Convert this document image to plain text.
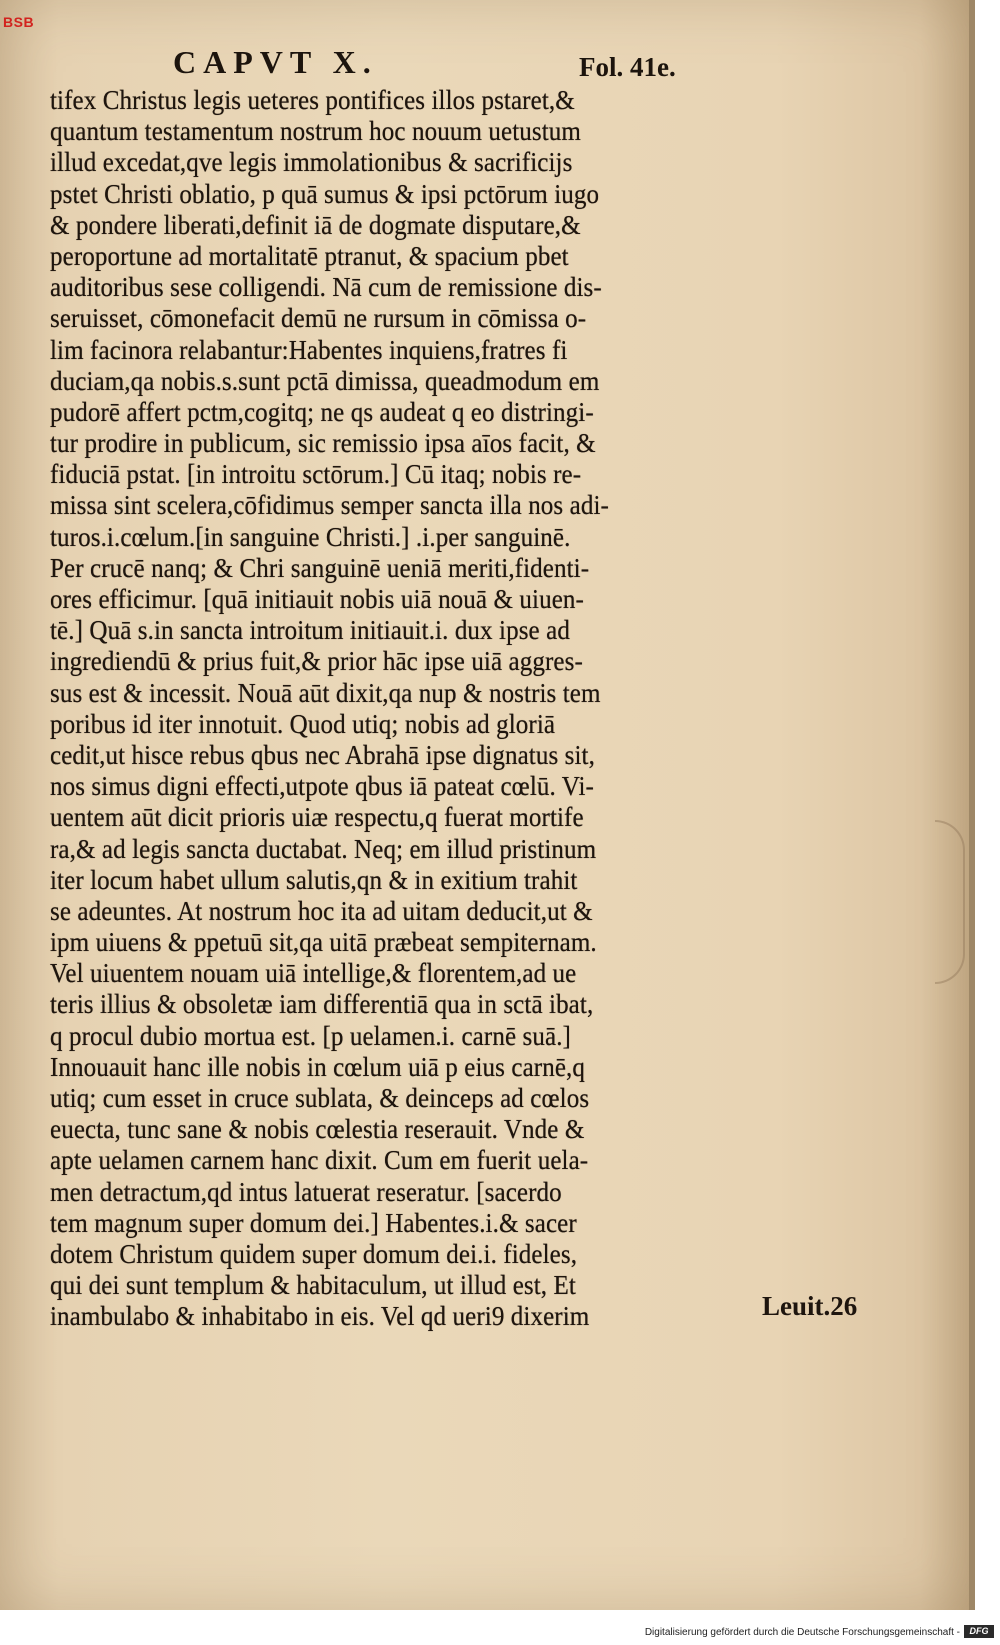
BSB
CAPVT X.	Fol. 41e.
tifex Christus legis ueteres pontifices illos pstaret,&
quantum testamentum nostrum hoc nouum uetustum
illud excedat,qve legis immolationibus & sacrificijs
pstet Christi oblatio, p quā sumus & ipsi pctōrum iugo
& pondere liberati,definit iā de dogmate disputare,&
peroportune ad mortalitatē ptranut, & spacium pbet
auditoribus sese colligendi. Nā cum de remissione dis-
seruisset, cōmonefacit demū ne rursum in cōmissa o-
lim facinora relabantur:Habentes inquiens,fratres fi
duciam,qa nobis.s.sunt pctā dimissa, queadmodum em
pudorē affert pctm,cogitq; ne qs audeat q eo distringi-
tur prodire in publicum, sic remissio ipsa aīos facit, &
fiduciā pstat. [in introitu sctōrum.] Cū itaq; nobis re-
missa sint scelera,cōfidimus semper sancta illa nos adi-
turos.i.cœlum.[in sanguine Christi.] .i.per sanguinē.
Per crucē nanq; & Chri sanguinē ueniā meriti,fidenti-
ores efficimur. [quā initiauit nobis uiā nouā & uiuen-
tē.] Quā s.in sancta introitum initiauit.i. dux ipse ad
ingrediendū & prius fuit,& prior hāc ipse uiā aggres-
sus est & incessit. Nouā aūt dixit,qa nup & nostris tem
poribus id iter innotuit. Quod utiq; nobis ad gloriā
cedit,ut hisce rebus qbus nec Abrahā ipse dignatus sit,
nos simus digni effecti,utpote qbus iā pateat cœlū. Vi-
uentem aūt dicit prioris uiæ respectu,q fuerat mortife
ra,& ad legis sancta ductabat. Neq; em illud pristinum
iter locum habet ullum salutis,qn & in exitium trahit
se adeuntes. At nostrum hoc ita ad uitam deducit,ut &
ipm uiuens & ppetuū sit,qa uitā præbeat sempiternam.
Vel uiuentem nouam uiā intellige,& florentem,ad ue
teris illius & obsoletæ iam differentiā qua in sctā ibat,
q procul dubio mortua est. [p uelamen.i. carnē suā.]
Innouauit hanc ille nobis in cœlum uiā p eius carnē,q
utiq; cum esset in cruce sublata, & deinceps ad cœlos
euecta, tunc sane & nobis cœlestia reserauit. Vnde &
apte uelamen carnem hanc dixit. Cum em fuerit uela-
men detractum,qd intus latuerat reseratur. [sacerdo
tem magnum super domum dei.] Habentes.i.& sacer
dotem Christum quidem super domum dei.i. fideles,
qui dei sunt templum & habitaculum, ut illud est, Et
inambulabo & inhabitabo in eis. Vel qd ueri9 dixerim	Leuit.26
Digitalisierung gefördert durch die Deutsche Forschungsgemeinschaft -	DFG
